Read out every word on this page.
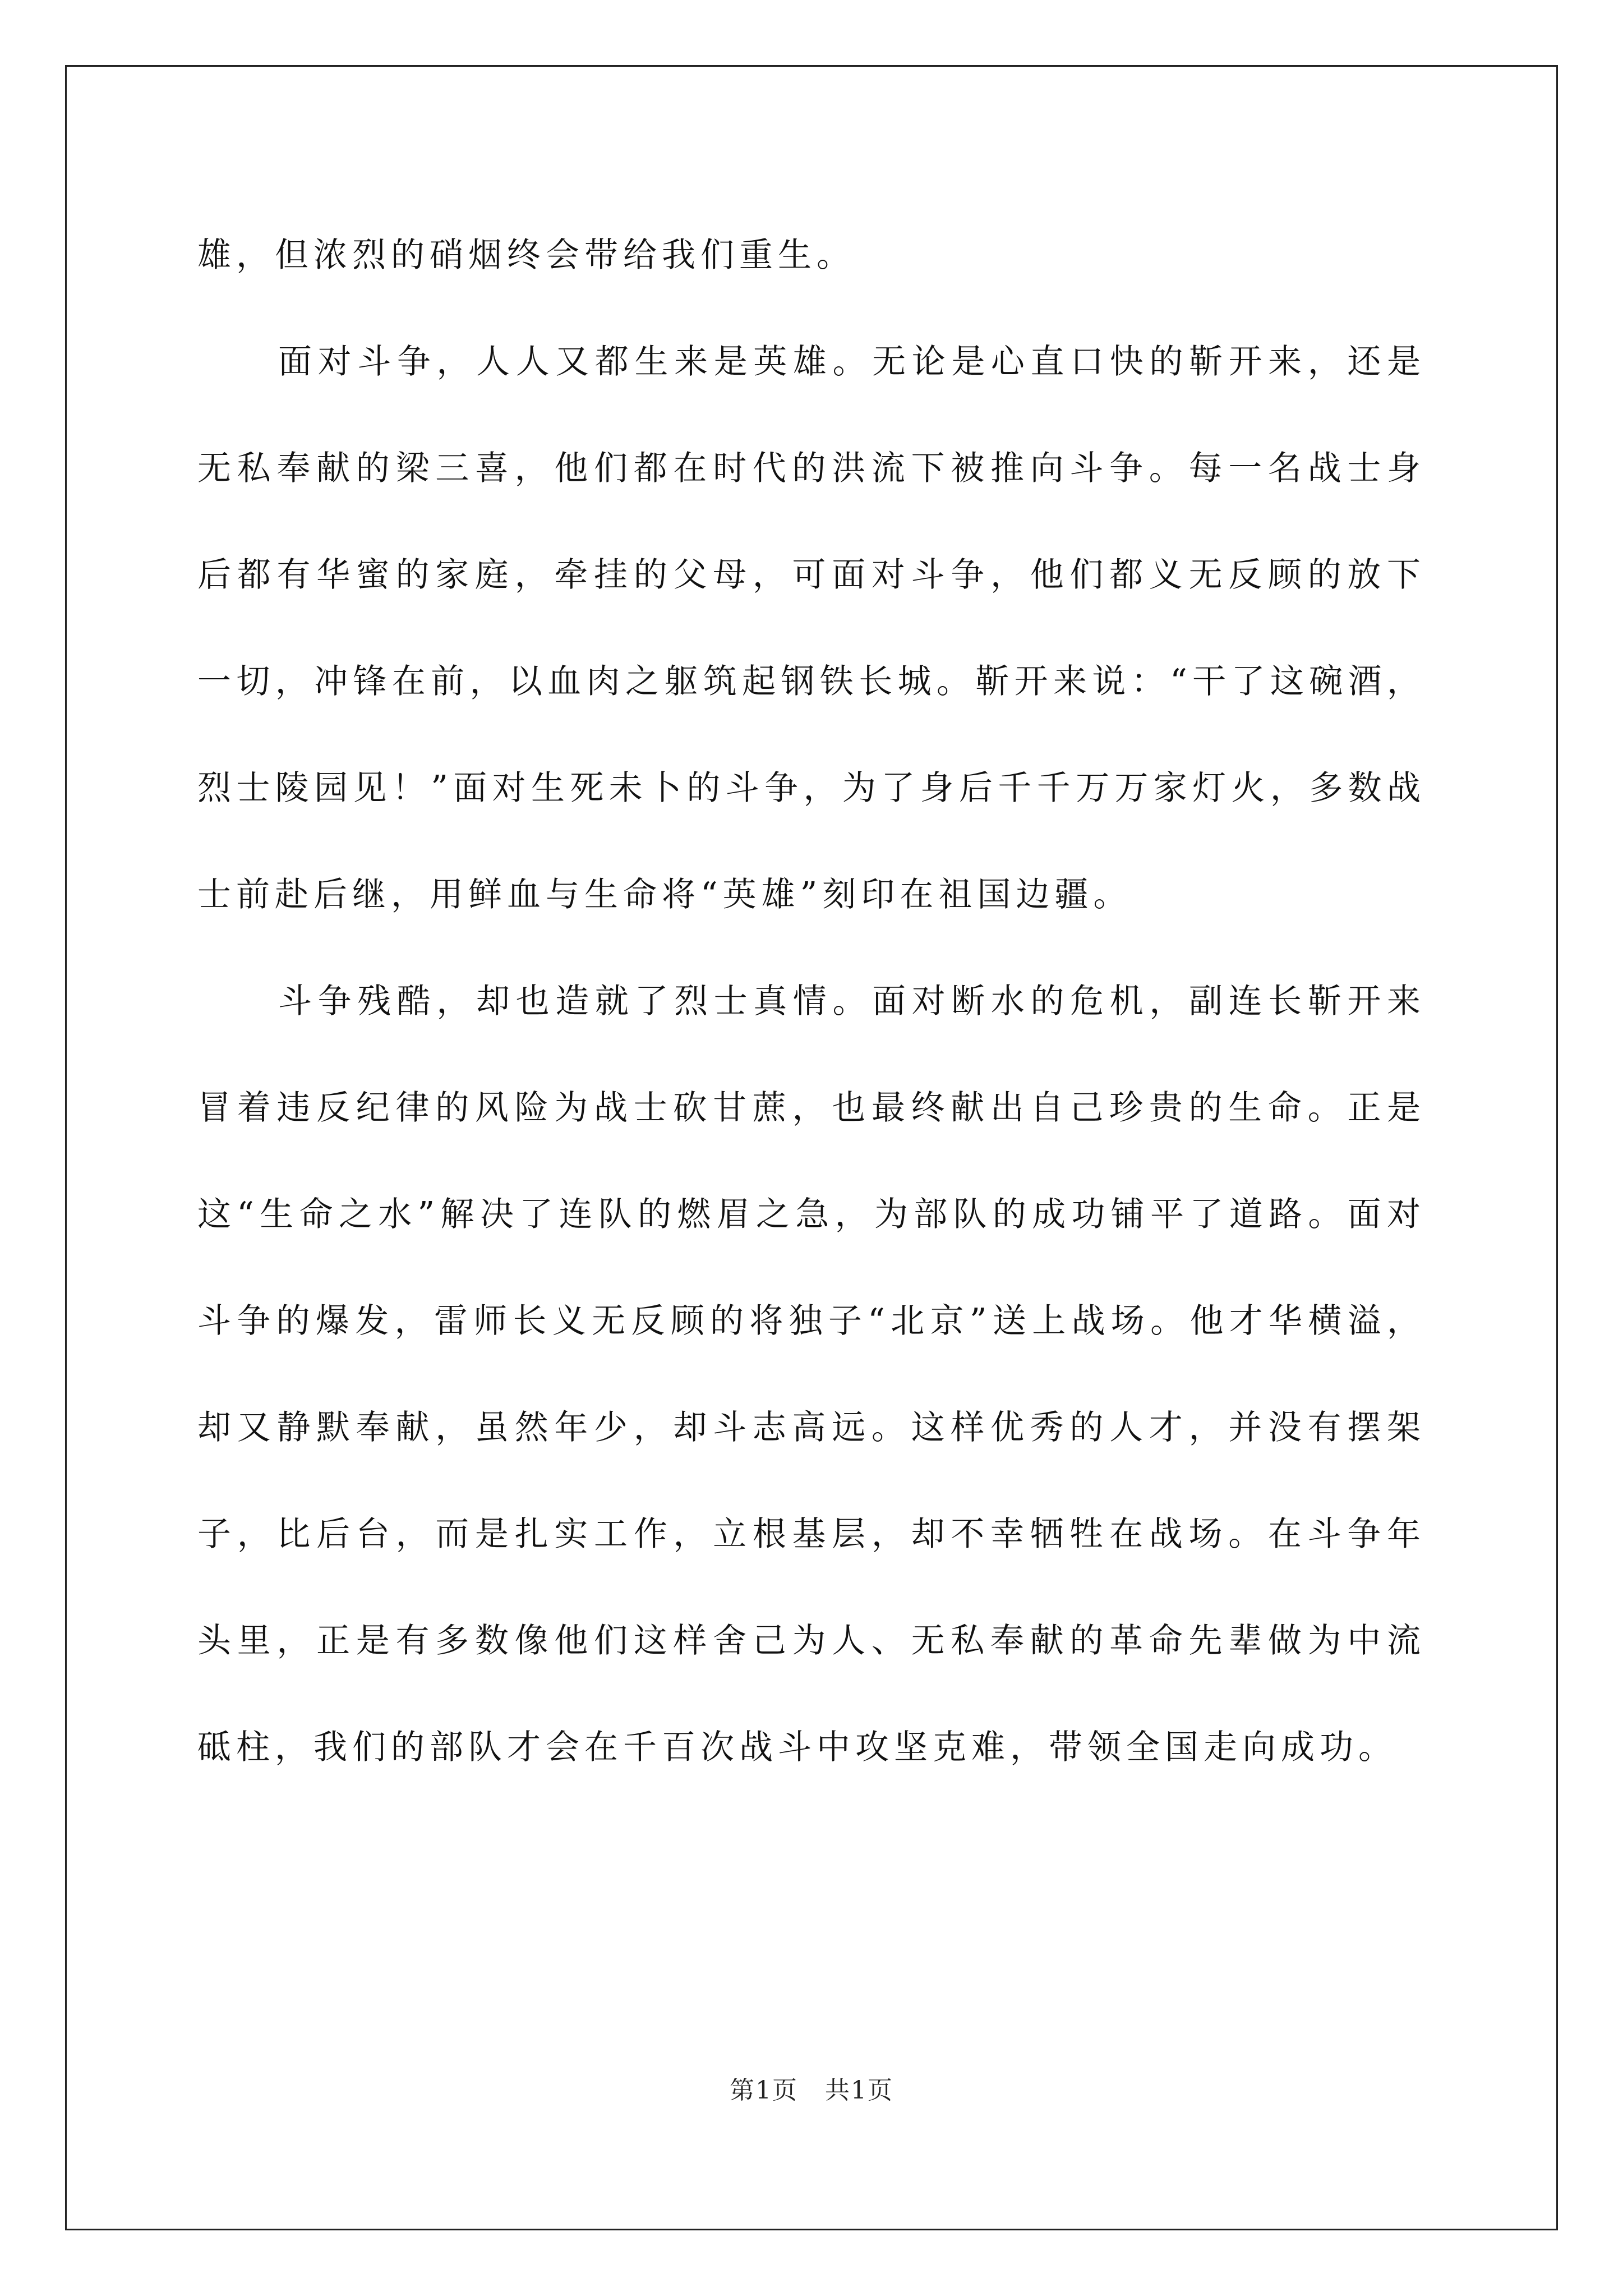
雄，但浓烈的硝烟终会带给我们重生。

面对斗争，人人又都生来是英雄。无论是心直口快的靳开来，还是无私奉献的梁三喜，他们都在时代的洪流下被推向斗争。每一名战士身后都有华蜜的家庭，牵挂的父母，可面对斗争，他们都义无反顾的放下一切，冲锋在前，以血肉之躯筑起钢铁长城。靳开来说：“干了这碗酒，烈士陵园见！”面对生死未卜的斗争，为了身后千千万万家灯火，多数战士前赴后继，用鲜血与生命将“英雄”刻印在祖国边疆。

斗争残酷，却也造就了烈士真情。面对断水的危机，副连长靳开来冒着违反纪律的风险为战士砍甘蔗，也最终献出自己珍贵的生命。正是这“生命之水”解决了连队的燃眉之急，为部队的成功铺平了道路。面对斗争的爆发，雷师长义无反顾的将独子“北京”送上战场。他才华横溢，却又静默奉献，虽然年少，却斗志高远。这样优秀的人才，并没有摆架子，比后台，而是扎实工作，立根基层，却不幸牺牲在战场。在斗争年头里，正是有多数像他们这样舍己为人、无私奉献的革命先辈做为中流砥柱，我们的部队才会在千百次战斗中攻坚克难，带领全国走向成功。

第1页 共1页
